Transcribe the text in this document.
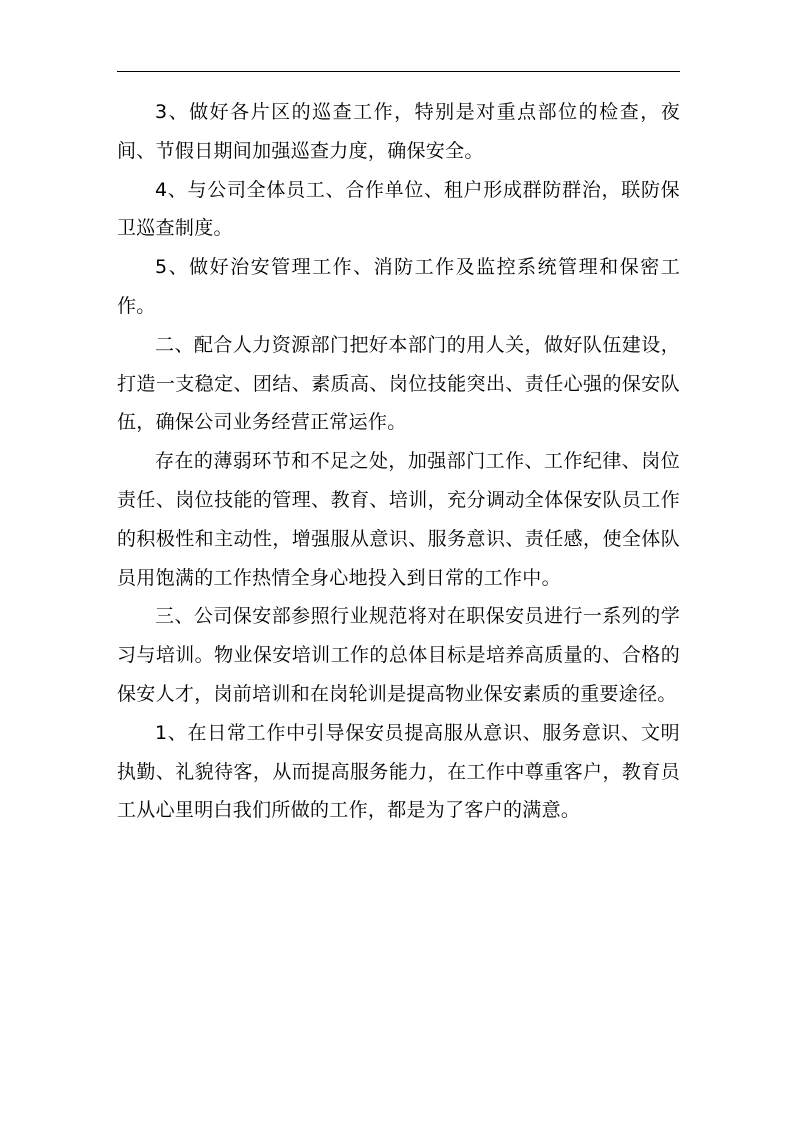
3、做好各片区的巡查工作，特别是对重点部位的检查，夜间、节假日期间加强巡查力度，确保安全。

4、与公司全体员工、合作单位、租户形成群防群治，联防保卫巡查制度。

5、做好治安管理工作、消防工作及监控系统管理和保密工作。

二、配合人力资源部门把好本部门的用人关，做好队伍建设，打造一支稳定、团结、素质高、岗位技能突出、责任心强的保安队伍，确保公司业务经营正常运作。

存在的薄弱环节和不足之处，加强部门工作、工作纪律、岗位责任、岗位技能的管理、教育、培训，充分调动全体保安队员工作的积极性和主动性，增强服从意识、服务意识、责任感，使全体队员用饱满的工作热情全身心地投入到日常的工作中。

三、公司保安部参照行业规范将对在职保安员进行一系列的学习与培训。物业保安培训工作的总体目标是培养高质量的、合格的保安人才，岗前培训和在岗轮训是提高物业保安素质的重要途径。

1、在日常工作中引导保安员提高服从意识、服务意识、文明执勤、礼貌待客，从而提高服务能力，在工作中尊重客户，教育员工从心里明白我们所做的工作，都是为了客户的满意。
